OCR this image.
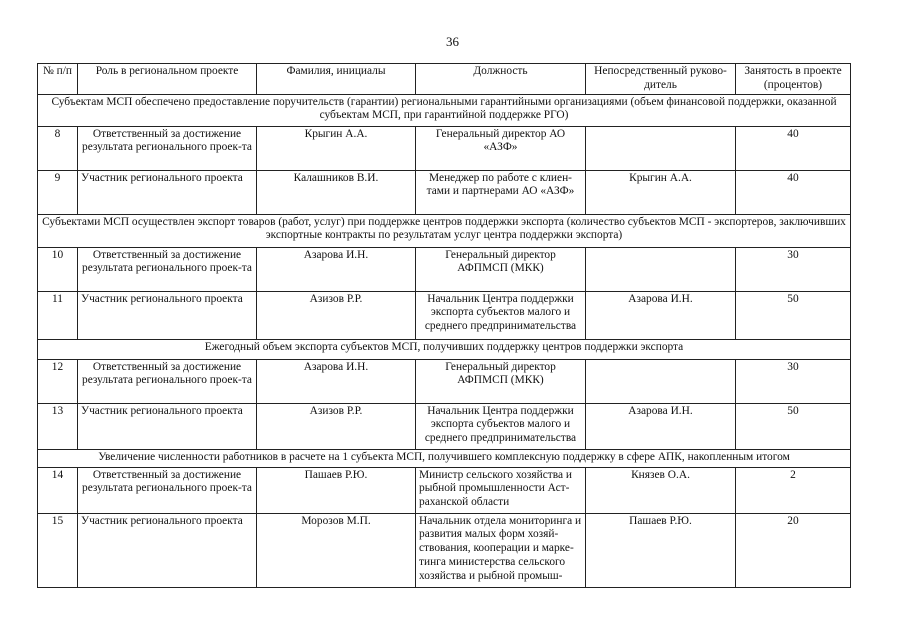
36
№ п/п	Роль в региональном проекте	Фамилия, инициалы	Должность	Непосредственный руково-дитель	Занятость в проекте (процентов)
Субъектам МСП обеспечено предоставление поручительств (гарантии) региональными гарантийными организациями (объем финансовой поддержки, оказанной субъектам МСП, при гарантийной поддержке РГО)					
8	Ответственный за достижение результата регионального проек-та	Крыгин А.А.	Генеральный директор АО «АЗФ»		40
9	Участник регионального проекта	Калашников В.И.	Менеджер по работе с клиен-тами и партнерами АО «АЗФ»	Крыгин А.А.	40
Субъектами МСП осуществлен экспорт товаров (работ, услуг) при поддержке центров поддержки экспорта (количество субъектов МСП - экспортеров, заключивших экспортные контракты по результатам услуг центра поддержки экспорта)					
10	Ответственный за достижение результата регионального проек-та	Азарова И.Н.	Генеральный директор АФПМСП (МКК)		30
11	Участник регионального проекта	Азизов Р.Р.	Начальник Центра поддержки экспорта субъектов малого и среднего предпринимательства	Азарова И.Н.	50
Ежегодный объем экспорта субъектов МСП, получивших поддержку центров поддержки экспорта					
12	Ответственный за достижение результата регионального проек-та	Азарова И.Н.	Генеральный директор АФПМСП (МКК)		30
13	Участник регионального проекта	Азизов Р.Р.	Начальник Центра поддержки экспорта субъектов малого и среднего предпринимательства	Азарова И.Н.	50
Увеличение численности работников в расчете на 1 субъекта МСП, получившего комплексную поддержку в сфере АПК, накопленным итогом					
14	Ответственный за достижение результата регионального проек-та	Пашаев Р.Ю.	Министр сельского хозяйства и рыбной промышленности Аст-раханской области	Князев О.А.	2
15	Участник регионального проекта	Морозов М.П.	Начальник отдела мониторинга и развития малых форм хозяй-ствования, кооперации и марке-тинга министерства сельского хозяйства и рыбной промыш-	Пашаев Р.Ю.	20
